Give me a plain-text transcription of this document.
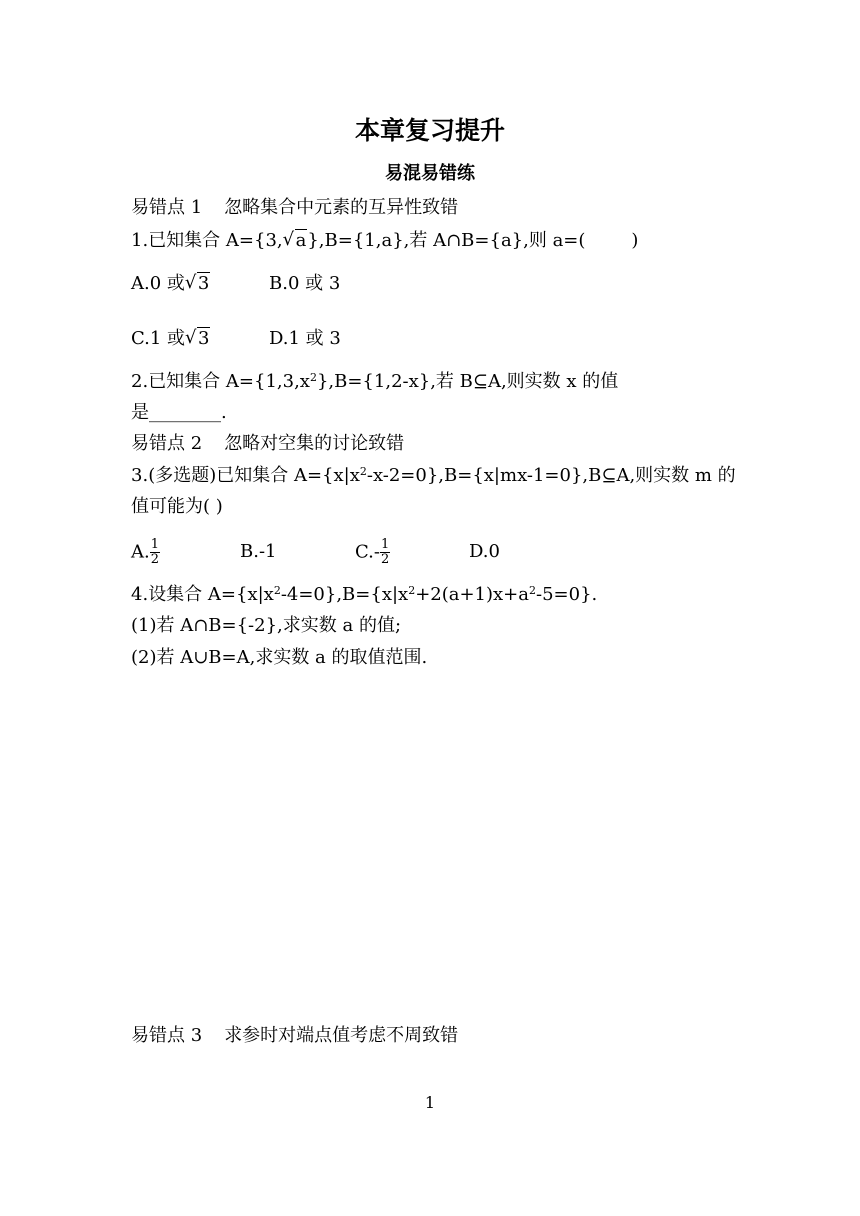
本章复习提升
易混易错练
易错点 1 忽略集合中元素的互异性致错
1.已知集合 A={3, √ a},B={1,a},若 A∩B={a},则 a=(	)
A.0 或 √ 3	B.0 或 3
C.1 或 √ 3	D.1 或 3
2.已知集合 $A=\{1,3,x^2\},B=\{1,2-x\}$,若 B⊆A,则实数 x 的值
是________.
易错点 2 忽略对空集的讨论致错
3.(多选题)已知集合 $A=\{x|x^2-x-2=0\},B=\{x|mx-1=0\},B⊆A$,则实数 m 的
值可能为( )
A. $\frac{1}{2}$	B.-1	$C.- \frac{1}{2}$	D.0
4.设集合 $A=\{x|x^2-4=0\},B=\{x|x^2+2(a+1)x+a^2-5=0\}$.
(1)若 A∩B={-2},求实数 a 的值;
(2)若 A∪B=A,求实数 a 的取值范围.
易错点 3 求参时对端点值考虑不周致错
1
